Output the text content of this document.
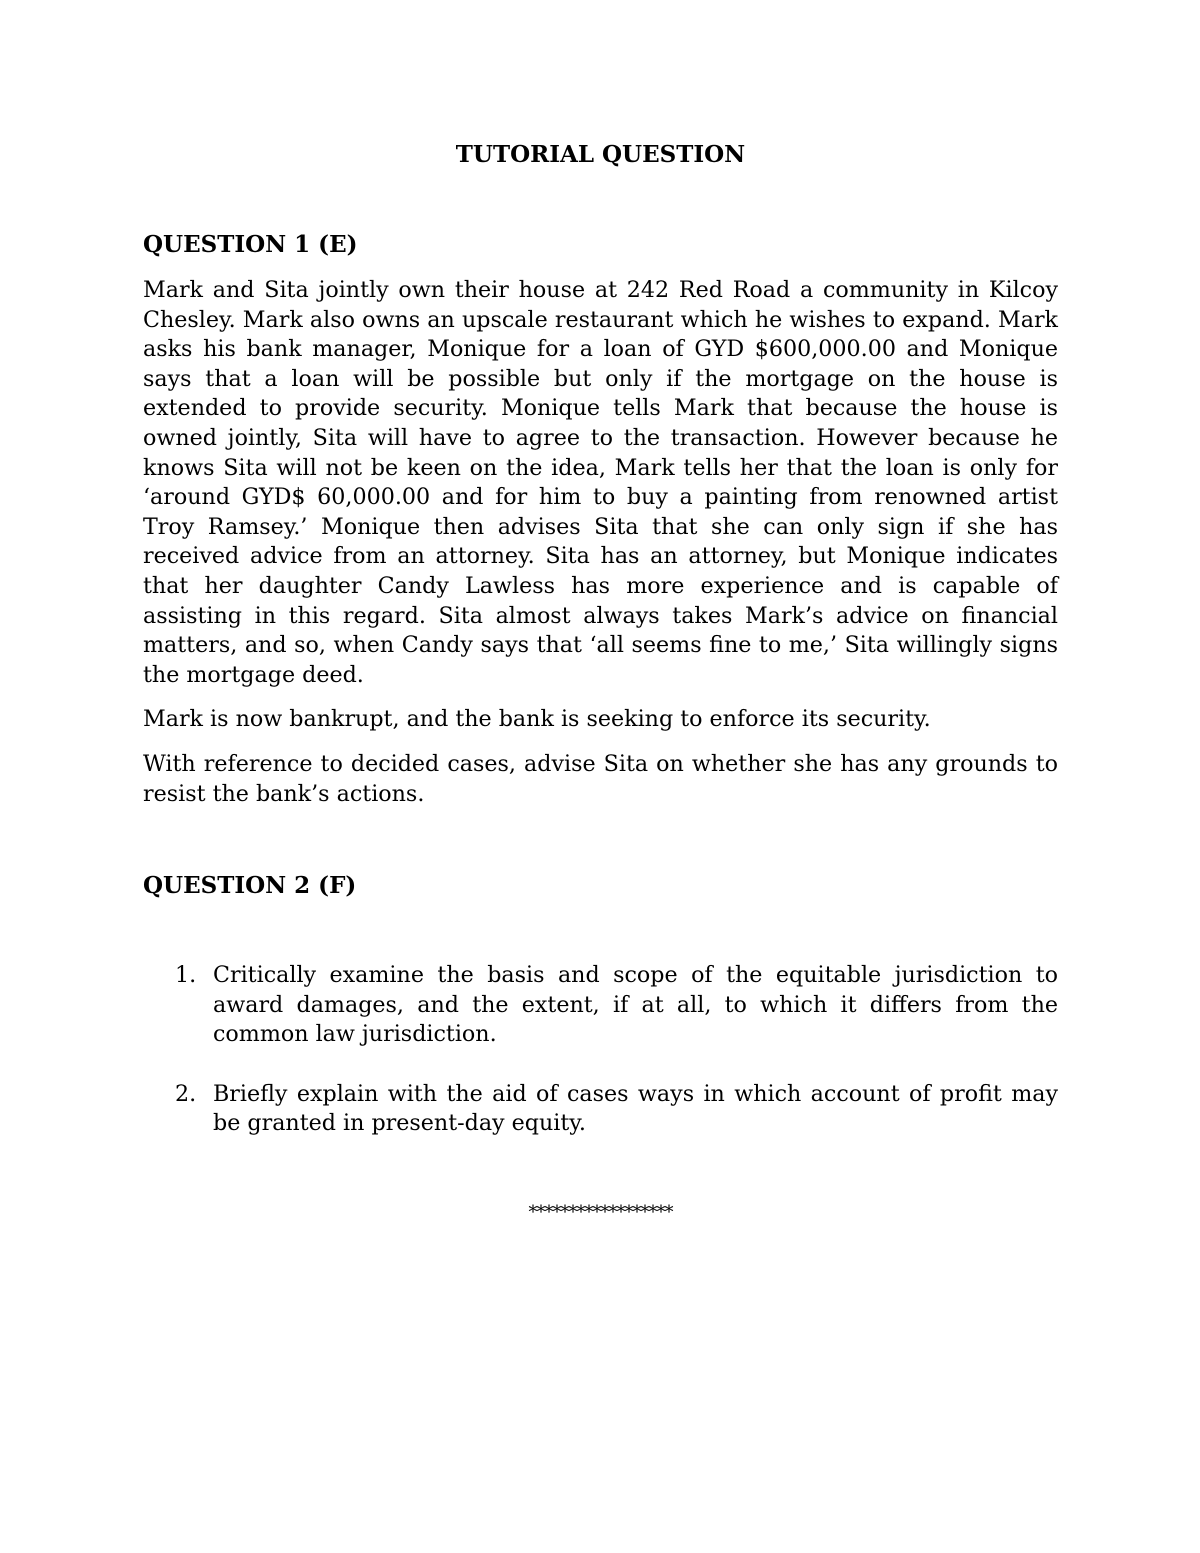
TUTORIAL QUESTION

QUESTION 1 (E)

Mark and Sita jointly own their house at 242 Red Road a community in Kilcoy Chesley. Mark also owns an upscale restaurant which he wishes to expand. Mark asks his bank manager, Monique for a loan of GYD $600,000.00 and Monique says that a loan will be possible but only if the mortgage on the house is extended to provide security. Monique tells Mark that because the house is owned jointly, Sita will have to agree to the transaction. However because he knows Sita will not be keen on the idea, Mark tells her that the loan is only for ‘around GYD$ 60,000.00 and for him to buy a painting from renowned artist Troy Ramsey.’ Monique then advises Sita that she can only sign if she has received advice from an attorney. Sita has an attorney, but Monique indicates that her daughter Candy Lawless has more experience and is capable of assisting in this regard. Sita almost always takes Mark’s advice on financial matters, and so, when Candy says that ‘all seems fine to me,’ Sita willingly signs the mortgage deed.

Mark is now bankrupt, and the bank is seeking to enforce its security.

With reference to decided cases, advise Sita on whether she has any grounds to resist the bank’s actions.

QUESTION 2 (F)

1. Critically examine the basis and scope of the equitable jurisdiction to award damages, and the extent, if at all, to which it differs from the common law jurisdiction.
2. Briefly explain with the aid of cases ways in which account of profit may be granted in present-day equity.
******************
